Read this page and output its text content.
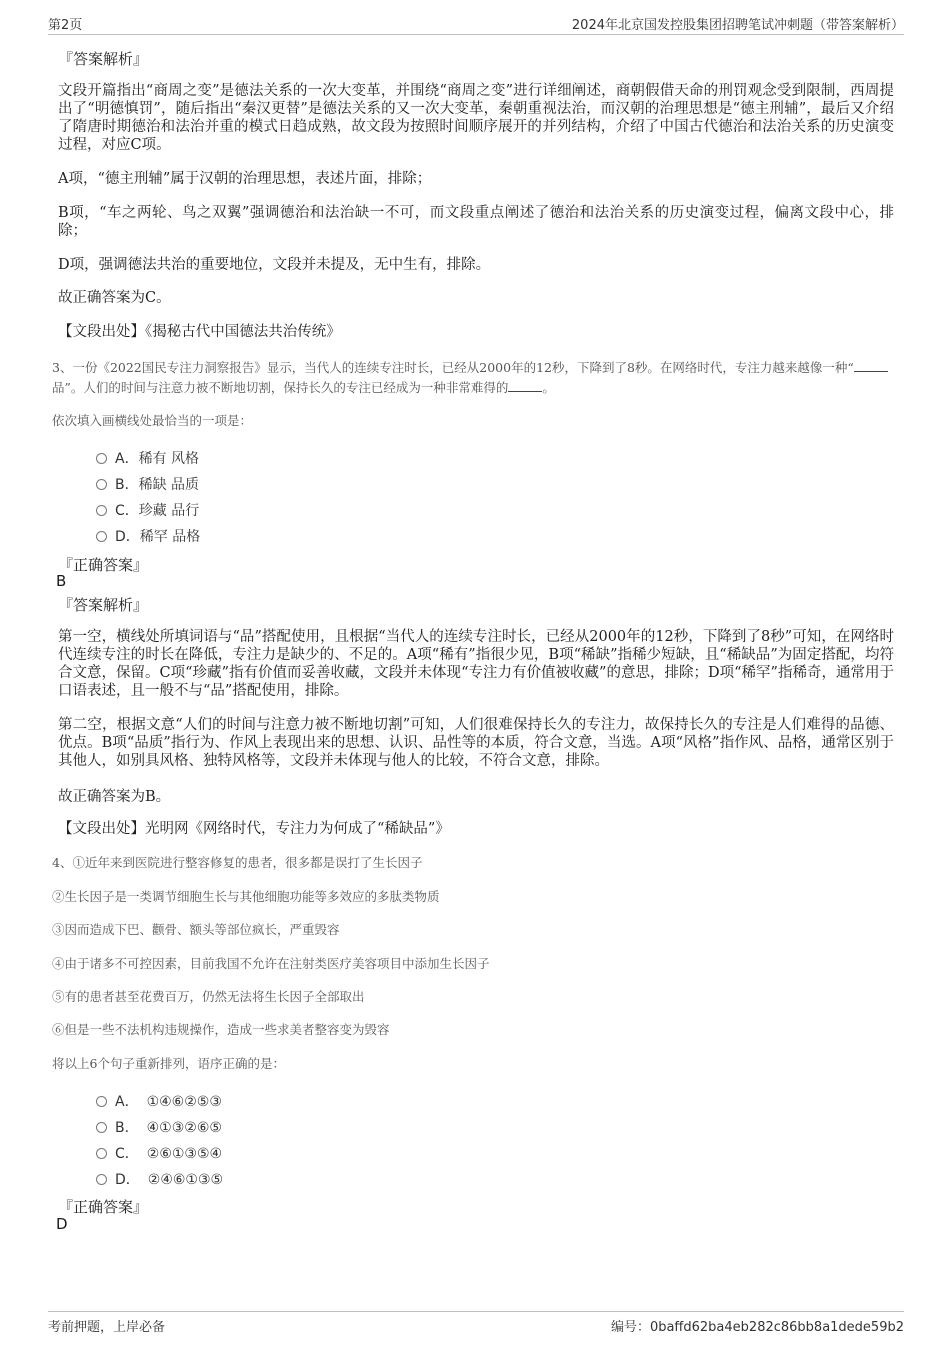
第2页	2024年北京国发控股集团招聘笔试冲刺题（带答案解析）
『答案解析』
文段开篇指出“商周之变”是德法关系的一次大变革，并围绕“商周之变”进行详细阐述，商朝假借天命的刑罚观念受到限制，西周提出了“明德慎罚”，随后指出“秦汉更替”是德法关系的又一次大变革，秦朝重视法治，而汉朝的治理思想是“德主刑辅”，最后又介绍了隋唐时期德治和法治并重的模式日趋成熟，故文段为按照时间顺序展开的并列结构，介绍了中国古代德治和法治关系的历史演变过程，对应C项。
A项，“德主刑辅”属于汉朝的治理思想，表述片面，排除；
B项，“车之两轮、鸟之双翼”强调德治和法治缺一不可，而文段重点阐述了德治和法治关系的历史演变过程，偏离文段中心，排除；
D项，强调德法共治的重要地位，文段并未提及，无中生有，排除。
故正确答案为C。
【文段出处】《揭秘古代中国德法共治传统》
3、一份《2022国民专注力洞察报告》显示，当代人的连续专注时长，已经从2000年的12秒，下降到了8秒。在网络时代，专注力越来越像一种“品”。人们的时间与注意力被不断地切割，保持长久的专注已经成为一种非常难得的	。
依次填入画横线处最恰当的一项是：
A．稀有 风格
B．稀缺 品质
C．珍藏 品行
D．稀罕 品格
『正确答案』
B
『答案解析』
第一空，横线处所填词语与“品”搭配使用，且根据“当代人的连续专注时长，已经从2000年的12秒，下降到了8秒”可知，在网络时代连续专注的时长在降低，专注力是缺少的、不足的。A项“稀有”指很少见，B项“稀缺”指稀少短缺，且“稀缺品”为固定搭配，均符合文意，保留。C项“珍藏”指有价值而妥善收藏，文段并未体现“专注力有价值被收藏”的意思，排除；D项“稀罕”指稀奇，通常用于口语表述，且一般不与“品”搭配使用，排除。
第二空，根据文意“人们的时间与注意力被不断地切割”可知，人们很难保持长久的专注力，故保持长久的专注是人们难得的品德、优点。B项“品质”指行为、作风上表现出来的思想、认识、品性等的本质，符合文意，当选。A项“风格”指作风、品格，通常区别于其他人，如别具风格、独特风格等，文段并未体现与他人的比较，不符合文意，排除。
故正确答案为B。
【文段出处】光明网《网络时代，专注力为何成了“稀缺品”》
4、①近年来到医院进行整容修复的患者，很多都是误打了生长因子
②生长因子是一类调节细胞生长与其他细胞功能等多效应的多肽类物质
③因而造成下巴、颧骨、额头等部位疯长，严重毁容
④由于诸多不可控因素，目前我国不允许在注射类医疗美容项目中添加生长因子
⑤有的患者甚至花费百万，仍然无法将生长因子全部取出
⑥但是一些不法机构违规操作，造成一些求美者整容变为毁容
将以上6个句子重新排列，语序正确的是：
A． ①④⑥②⑤③
B． ④①③②⑥⑤
C． ②⑥①③⑤④
D． ②④⑥①③⑤
『正确答案』
D
考前押题，上岸必备	编号：0baffd62ba4eb282c86bb8a1dede59b2
